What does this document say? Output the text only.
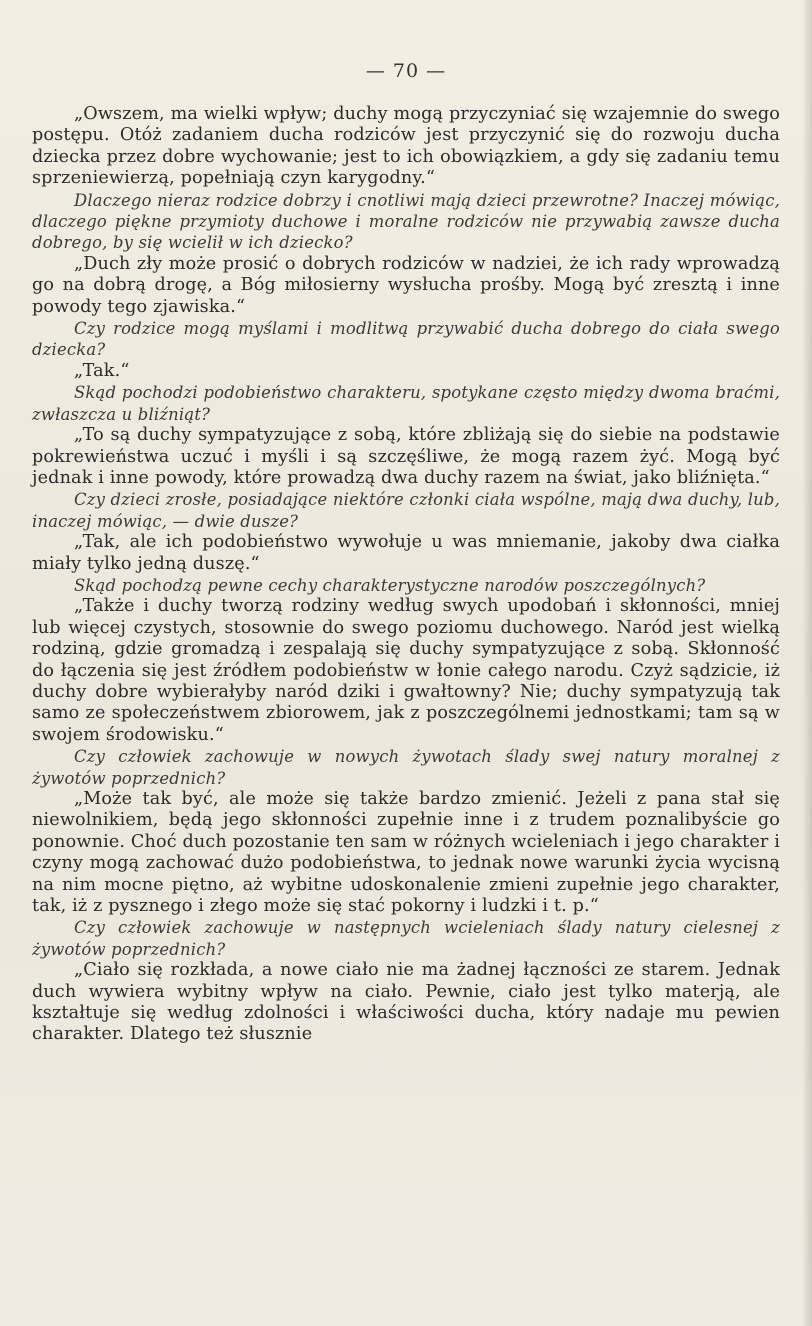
— 70 —

„Owszem, ma wielki wpływ; duchy mogą przyczyniać się wzajemnie do swego postępu. Otóż zadaniem ducha rodziców jest przyczynić się do rozwoju ducha dziecka przez dobre wychowanie; jest to ich obowiązkiem, a gdy się zadaniu temu sprzeniewierzą, popełniają czyn karygodny.“

Dlaczego nieraz rodzice dobrzy i cnotliwi mają dzieci przewrotne? Inaczej mówiąc, dlaczego piękne przymioty duchowe i moralne rodziców nie przywabią zawsze ducha dobrego, by się wcielił w ich dziecko?

„Duch zły może prosić o dobrych rodziców w nadziei, że ich rady wprowadzą go na dobrą drogę, a Bóg miłosierny wysłucha prośby. Mogą być zresztą i inne powody tego zjawiska.“

Czy rodzice mogą myślami i modlitwą przywabić ducha dobrego do ciała swego dziecka?

„Tak.“

Skąd pochodzi podobieństwo charakteru, spotykane często między dwoma braćmi, zwłaszcza u bliźniąt?

„To są duchy sympatyzujące z sobą, które zbliżają się do siebie na podstawie pokrewieństwa uczuć i myśli i są szczęśliwe, że mogą razem żyć. Mogą być jednak i inne powody, które prowadzą dwa duchy razem na świat, jako bliźnięta.“

Czy dzieci zrosłe, posiadające niektóre członki ciała wspólne, mają dwa duchy, lub, inaczej mówiąc, — dwie dusze?

„Tak, ale ich podobieństwo wywołuje u was mniemanie, jakoby dwa ciałka miały tylko jedną duszę.“

Skąd pochodzą pewne cechy charakterystyczne narodów poszczególnych?

„Także i duchy tworzą rodziny według swych upodobań i skłonności, mniej lub więcej czystych, stosownie do swego poziomu duchowego. Naród jest wielką rodziną, gdzie gromadzą i zespalają się duchy sympatyzujące z sobą. Skłonność do łączenia się jest źródłem podobieństw w łonie całego narodu. Czyż sądzicie, iż duchy dobre wybierałyby naród dziki i gwałtowny? Nie; duchy sympatyzują tak samo ze społeczeństwem zbiorowem, jak z poszczególnemi jednostkami; tam są w swojem środowisku.“

Czy człowiek zachowuje w nowych żywotach ślady swej natury moralnej z żywotów poprzednich?

„Może tak być, ale może się także bardzo zmienić. Jeżeli z pana stał się niewolnikiem, będą jego skłonności zupełnie inne i z trudem poznalibyście go ponownie. Choć duch pozostanie ten sam w różnych wcieleniach i jego charakter i czyny mogą zachować dużo podobieństwa, to jednak nowe warunki życia wycisną na nim mocne piętno, aż wybitne udoskonalenie zmieni zupełnie jego charakter, tak, iż z pysznego i złego może się stać pokorny i ludzki i t. p.“

Czy człowiek zachowuje w następnych wcieleniach ślady natury cielesnej z żywotów poprzednich?

„Ciało się rozkłada, a nowe ciało nie ma żadnej łączności ze starem. Jednak duch wywiera wybitny wpływ na ciało. Pewnie, ciało jest tylko materją, ale kształtuje się według zdolności i właściwości ducha, który nadaje mu pewien charakter. Dlatego też słusznie
